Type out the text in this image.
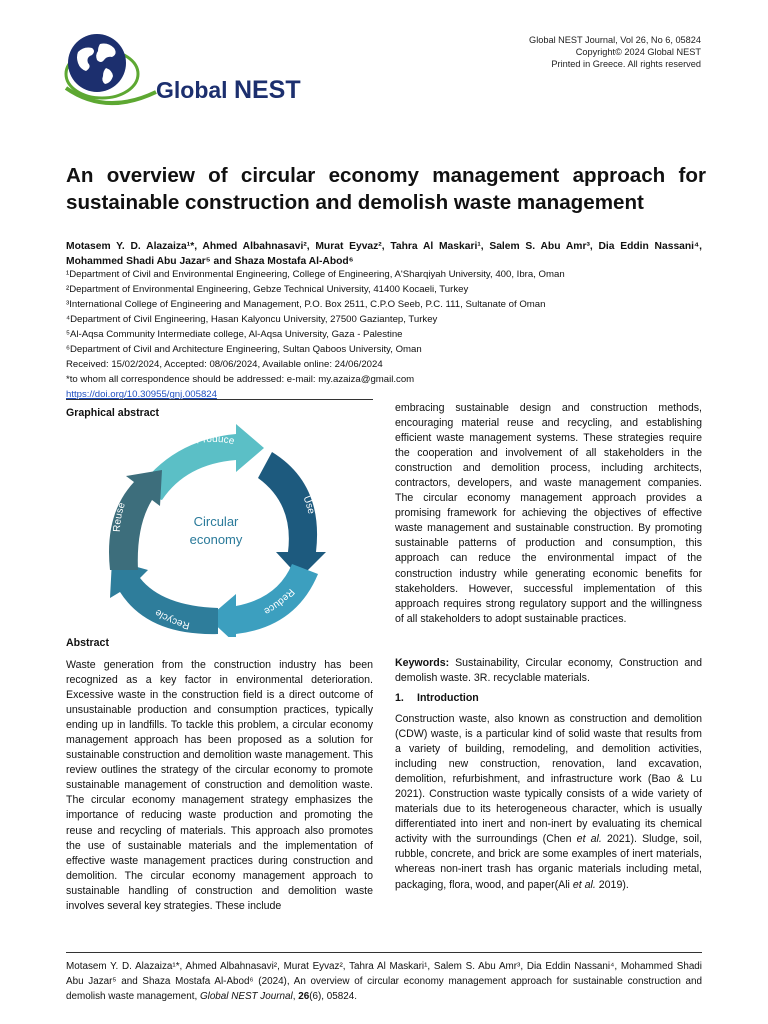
Global NEST
Global NEST Journal, Vol 26, No 6, 05824
Copyright© 2024 Global NEST
Printed in Greece. All rights reserved
An overview of circular economy management approach for sustainable construction and demolish waste management
Motasem Y. D. Alazaiza¹*, Ahmed Albahnasavi², Murat Eyvaz², Tahra Al Maskari¹, Salem S. Abu Amr³, Dia Eddin Nassani⁴, Mohammed Shadi Abu Jazar⁵ and Shaza Mostafa Al-Abod⁶
¹Department of Civil and Environmental Engineering, College of Engineering, A'Sharqiyah University, 400, Ibra, Oman
²Department of Environmental Engineering, Gebze Technical University, 41400 Kocaeli, Turkey
³International College of Engineering and Management, P.O. Box 2511, C.P.O Seeb, P.C. 111, Sultanate of Oman
⁴Department of Civil Engineering, Hasan Kalyoncu University, 27500 Gaziantep, Turkey
⁵Al-Aqsa Community Intermediate college, Al-Aqsa University, Gaza - Palestine
⁶Department of Civil and Architecture Engineering, Sultan Qaboos University, Oman
Received: 15/02/2024, Accepted: 08/06/2024, Available online: 24/06/2024
*to whom all correspondence should be addressed: e-mail: my.azaiza@gmail.com
https://doi.org/10.30955/gnj.005824
Graphical abstract
Produce
Use
Reduce
Recycle
Reuse
Circular
economy
Abstract
Waste generation from the construction industry has been recognized as a key factor in environmental deterioration. Excessive waste in the construction field is a direct outcome of unsustainable production and consumption practices, typically ending up in landfills. To tackle this problem, a circular economy management approach has been proposed as a solution for sustainable construction and demolition waste management. This review outlines the strategy of the circular economy to promote sustainable management of construction and demolition waste. The circular economy management strategy emphasizes the importance of reducing waste production and promoting the reuse and recycling of materials. This approach also promotes the use of sustainable materials and the implementation of effective waste management practices during construction and demolition. The circular economy management approach to sustainable handling of construction and demolition waste involves several key strategies. These include
embracing sustainable design and construction methods, encouraging material reuse and recycling, and establishing efficient waste management systems. These strategies require the cooperation and involvement of all stakeholders in the construction and demolition process, including architects, contractors, developers, and waste management companies. The circular economy management approach provides a promising framework for achieving the objectives of effective waste management and sustainable construction. By promoting sustainable patterns of production and consumption, this approach can reduce the environmental impact of the construction industry while generating economic benefits for stakeholders. However, successful implementation of this approach requires strong regulatory support and the willingness of all stakeholders to adopt sustainable practices.
Keywords: Sustainability, Circular economy, Construction and demolish waste. 3R. recyclable materials.
1. Introduction
Construction waste, also known as construction and demolition (CDW) waste, is a particular kind of solid waste that results from a variety of building, remodeling, and demolition activities, including new construction, renovation, land excavation, demolition, refurbishment, and infrastructure work (Bao & Lu 2021). Construction waste typically consists of a wide variety of materials due to its heterogeneous character, which is usually differentiated into inert and non-inert by evaluating its chemical activity with the surroundings (Chen et al. 2021). Sludge, soil, rubble, concrete, and brick are some examples of inert materials, whereas non-inert trash has organic materials including metal, packaging, flora, wood, and paper(Ali et al. 2019).
Motasem Y. D. Alazaiza¹*, Ahmed Albahnasavi², Murat Eyvaz², Tahra Al Maskari¹, Salem S. Abu Amr³, Dia Eddin Nassani⁴, Mohammed Shadi Abu Jazar⁵ and Shaza Mostafa Al-Abod⁶ (2024), An overview of circular economy management approach for sustainable construction and demolish waste management, Global NEST Journal, 26(6), 05824.
